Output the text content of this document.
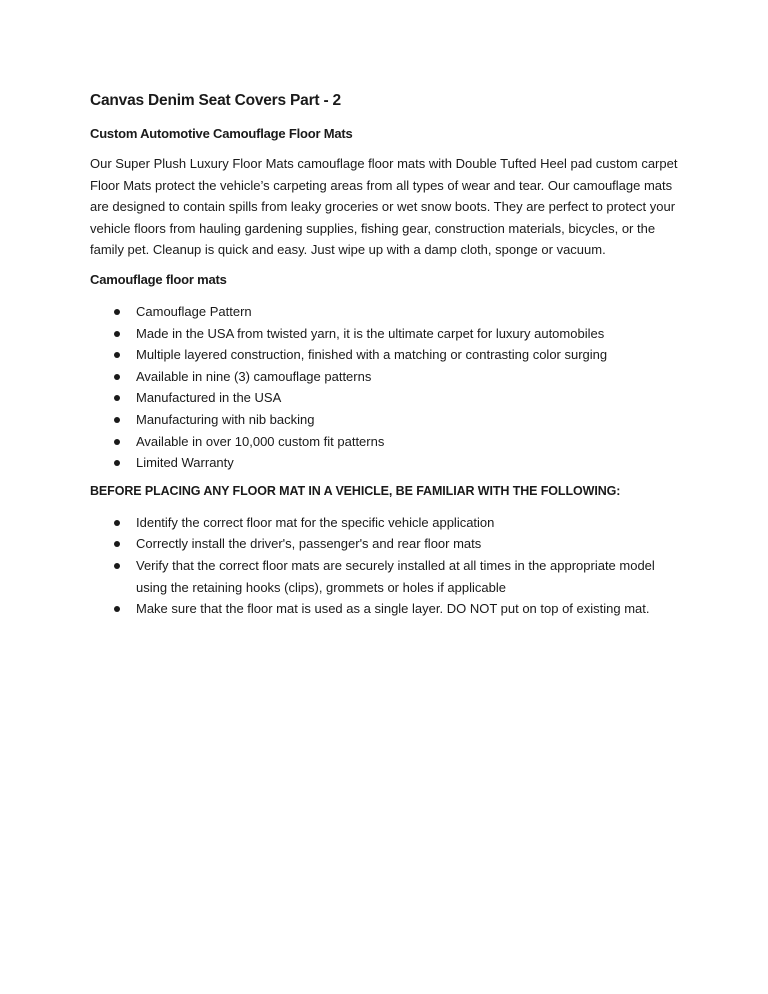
Canvas Denim Seat Covers Part - 2
Custom Automotive Camouflage Floor Mats

Our Super Plush Luxury Floor Mats camouflage floor mats with Double Tufted Heel pad custom carpet Floor Mats protect the vehicle’s carpeting areas from all types of wear and tear. Our camouflage mats are designed to contain spills from leaky groceries or wet snow boots. They are perfect to protect your vehicle floors from hauling gardening supplies, fishing gear, construction materials, bicycles, or the family pet. Cleanup is quick and easy. Just wipe up with a damp cloth, sponge or vacuum.

Camouflage floor mats
Camouflage Pattern
Made in the USA from twisted yarn, it is the ultimate carpet for luxury automobiles
Multiple layered construction, finished with a matching or contrasting color surging
Available in nine (3) camouflage patterns
Manufactured in the USA
Manufacturing with nib backing
Available in over 10,000 custom fit patterns
Limited Warranty
BEFORE PLACING ANY FLOOR MAT IN A VEHICLE, BE FAMILIAR WITH THE FOLLOWING:
Identify the correct floor mat for the specific vehicle application
Correctly install the driver's, passenger's and rear floor mats
Verify that the correct floor mats are securely installed at all times in the appropriate model using the retaining hooks (clips), grommets or holes if applicable
Make sure that the floor mat is used as a single layer. DO NOT put on top of existing mat.
